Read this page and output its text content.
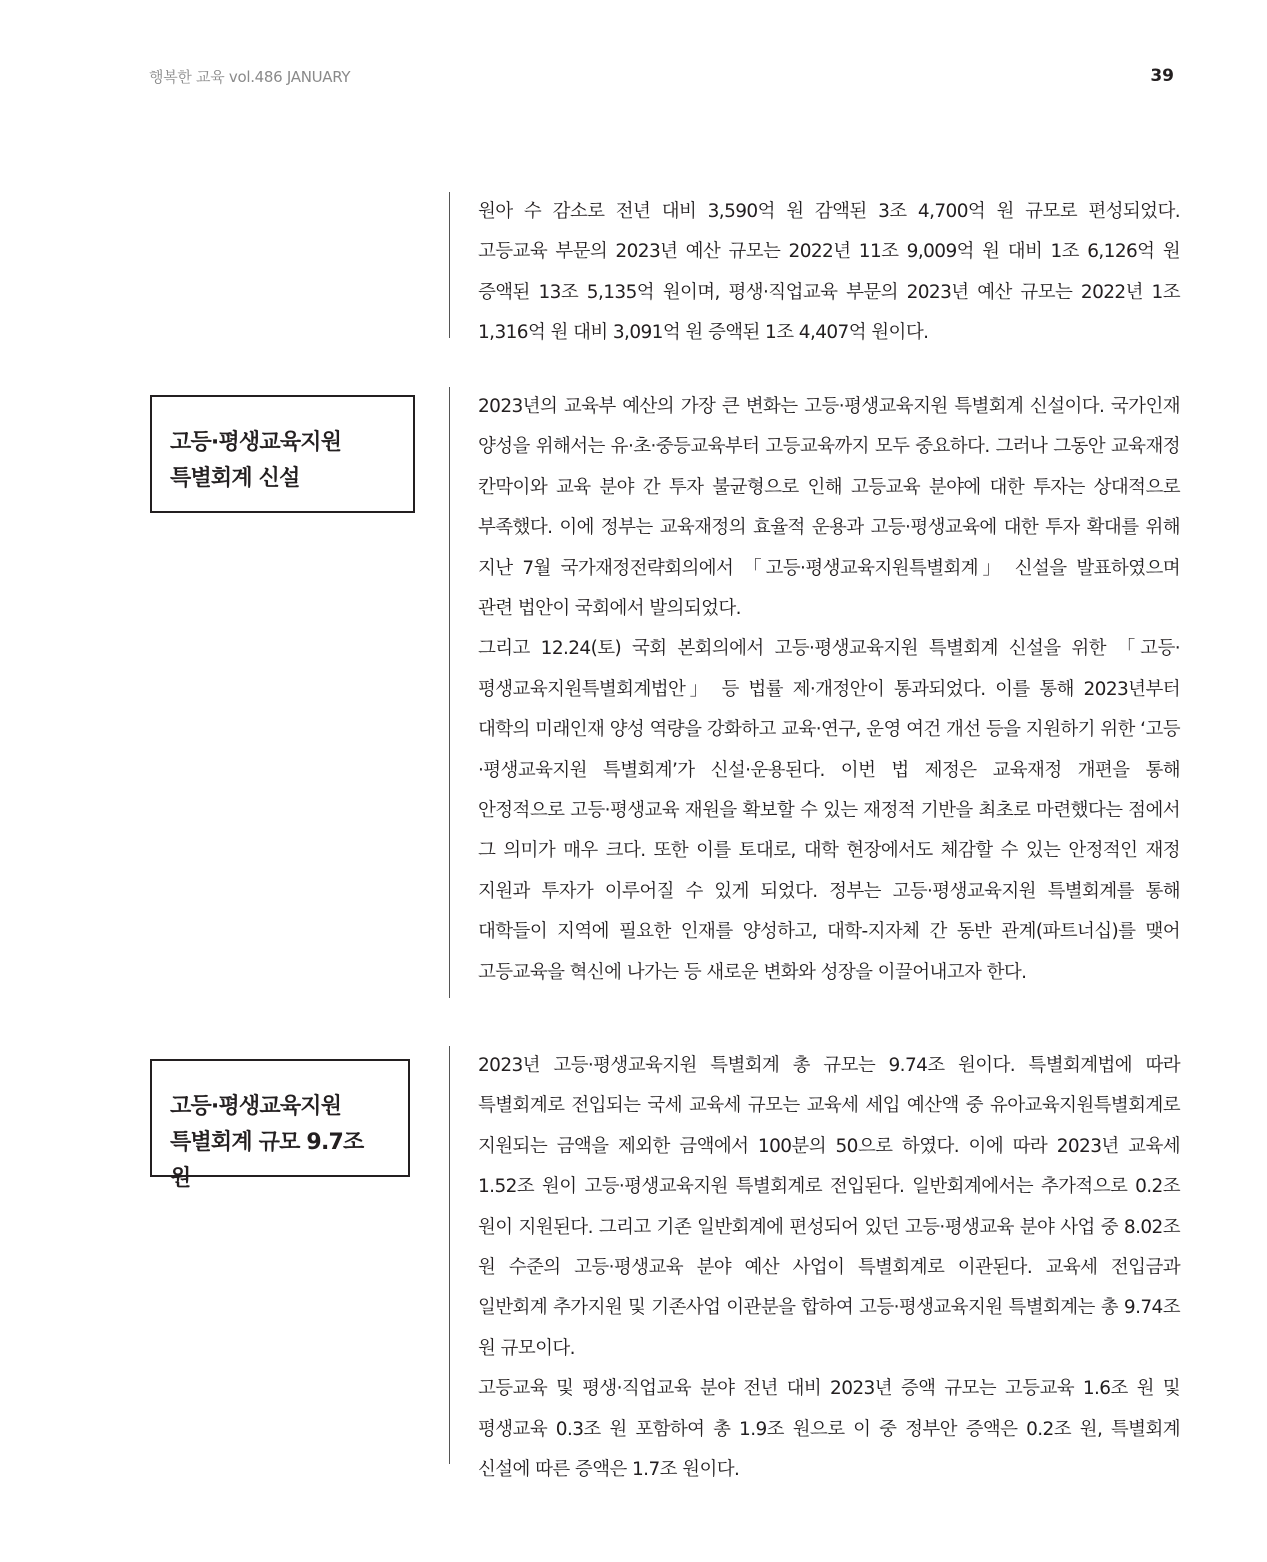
행복한 교육 vol.486 JANUARY	39

원아 수 감소로 전년 대비 3,590억 원 감액된 3조 4,700억 원 규모로 편성되었다. 고등교육 부문의 2023년 예산 규모는 2022년 11조 9,009억 원 대비 1조 6,126억 원 증액된 13조 5,135억 원이며, 평생·직업교육 부문의 2023년 예산 규모는 2022년 1조 1,316억 원 대비 3,091억 원 증액된 1조 4,407억 원이다.

고등·평생교육지원
특별회계 신설

2023년의 교육부 예산의 가장 큰 변화는 고등·평생교육지원 특별회계 신설이다. 국가인재 양성을 위해서는 유·초·중등교육부터 고등교육까지 모두 중요하다. 그러나 그동안 교육재정 칸막이와 교육 분야 간 투자 불균형으로 인해 고등교육 분야에 대한 투자는 상대적으로 부족했다. 이에 정부는 교육재정의 효율적 운용과 고등·평생교육에 대한 투자 확대를 위해 지난 7월 국가재정전략회의에서 「고등·평생교육지원특별회계」 신설을 발표하였으며 관련 법안이 국회에서 발의되었다.

그리고 12.24(토) 국회 본회의에서 고등·평생교육지원 특별회계 신설을 위한 「고등·평생교육지원특별회계법안」 등 법률 제·개정안이 통과되었다. 이를 통해 2023년부터 대학의 미래인재 양성 역량을 강화하고 교육·연구, 운영 여건 개선 등을 지원하기 위한 ‘고등·평생교육지원 특별회계’가 신설·운용된다. 이번 법 제정은 교육재정 개편을 통해 안정적으로 고등·평생교육 재원을 확보할 수 있는 재정적 기반을 최초로 마련했다는 점에서 그 의미가 매우 크다. 또한 이를 토대로, 대학 현장에서도 체감할 수 있는 안정적인 재정 지원과 투자가 이루어질 수 있게 되었다. 정부는 고등·평생교육지원 특별회계를 통해 대학들이 지역에 필요한 인재를 양성하고, 대학-지자체 간 동반 관계(파트너십)를 맺어 고등교육을 혁신에 나가는 등 새로운 변화와 성장을 이끌어내고자 한다.

고등·평생교육지원
특별회계 규모 9.7조 원

2023년 고등·평생교육지원 특별회계 총 규모는 9.74조 원이다. 특별회계법에 따라 특별회계로 전입되는 국세 교육세 규모는 교육세 세입 예산액 중 유아교육지원특별회계로 지원되는 금액을 제외한 금액에서 100분의 50으로 하였다. 이에 따라 2023년 교육세 1.52조 원이 고등·평생교육지원 특별회계로 전입된다. 일반회계에서는 추가적으로 0.2조 원이 지원된다. 그리고 기존 일반회계에 편성되어 있던 고등·평생교육 분야 사업 중 8.02조 원 수준의 고등·평생교육 분야 예산 사업이 특별회계로 이관된다. 교육세 전입금과 일반회계 추가지원 및 기존사업 이관분을 합하여 고등·평생교육지원 특별회계는 총 9.74조 원 규모이다.

고등교육 및 평생·직업교육 분야 전년 대비 2023년 증액 규모는 고등교육 1.6조 원 및 평생교육 0.3조 원 포함하여 총 1.9조 원으로 이 중 정부안 증액은 0.2조 원, 특별회계 신설에 따른 증액은 1.7조 원이다.
